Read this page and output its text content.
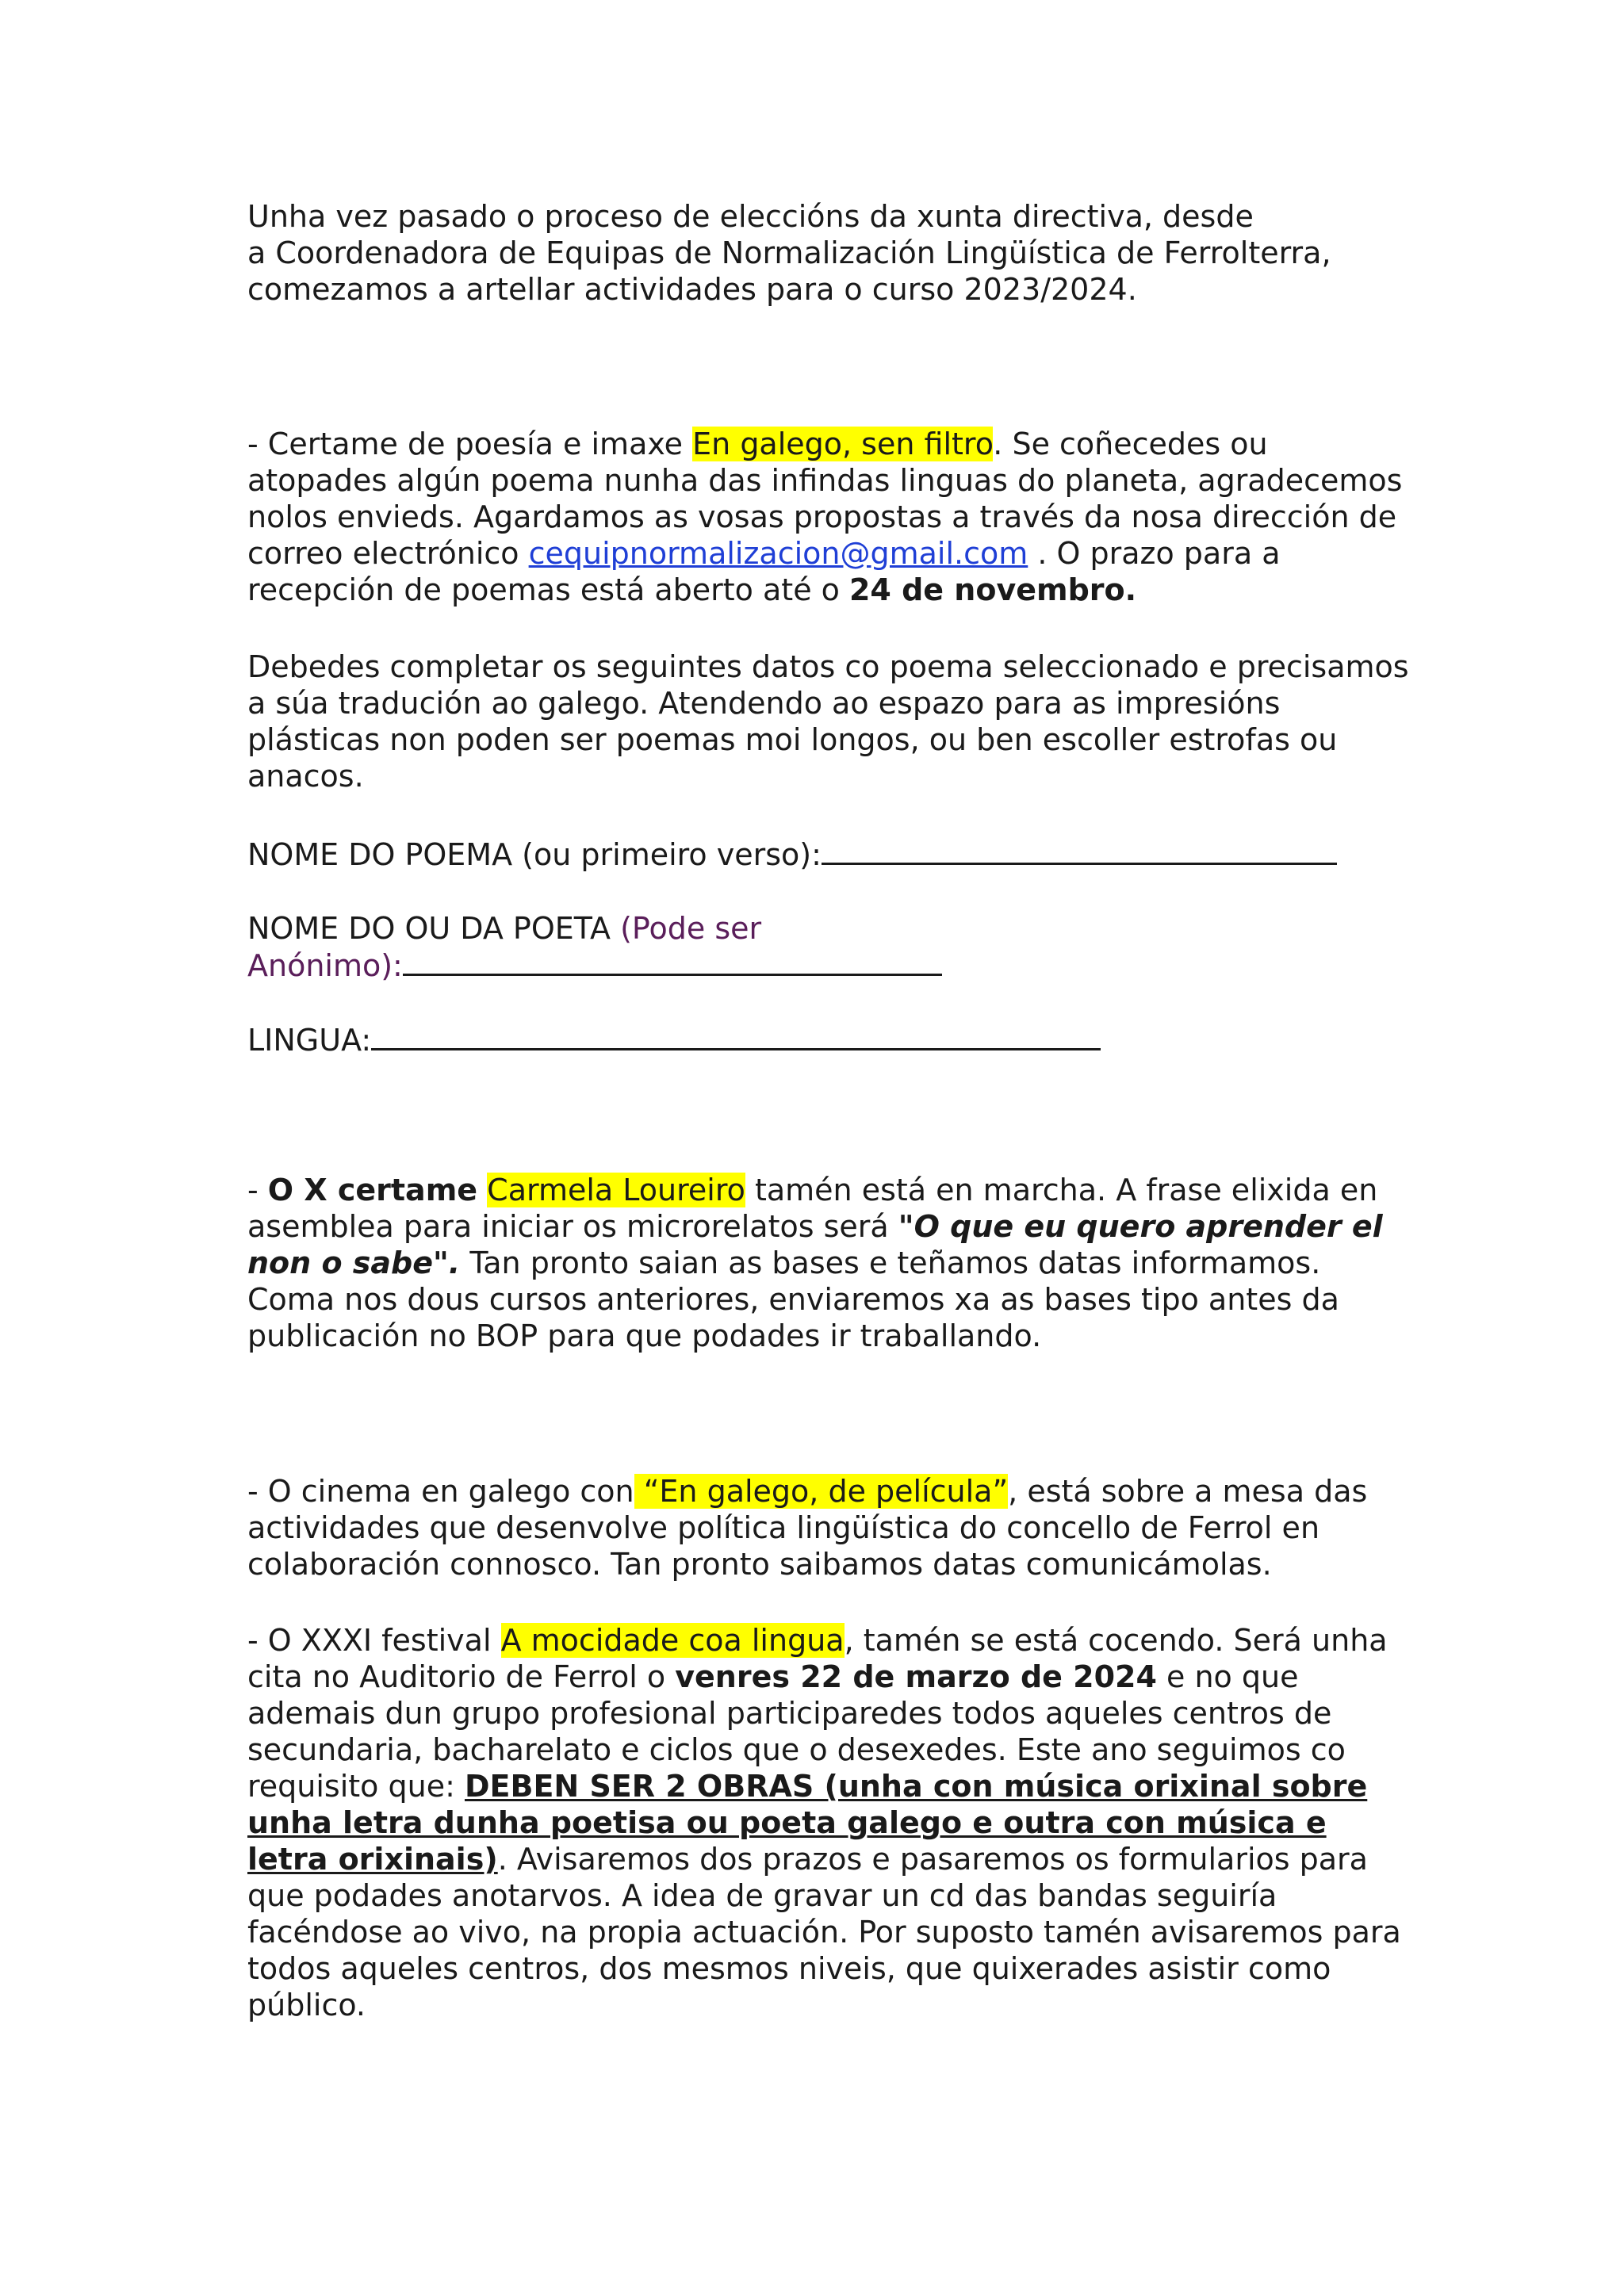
Unha vez pasado o proceso de eleccións da xunta directiva, desde
a Coordenadora de Equipas de Normalización Lingüística de Ferrolterra,
comezamos a artellar actividades para o curso 2023/2024.

- Certame de poesía e imaxe En galego, sen filtro. Se coñecedes ou atopades algún poema nunha das infindas linguas do planeta, agradecemos nolos envieds. Agardamos as vosas propostas a través da nosa dirección de correo electrónico cequipnormalizacion@gmail.com . O prazo para a recepción de poemas está aberto até o 24 de novembro.

Debedes completar os seguintes datos co poema seleccionado e precisamos a súa tradución ao galego. Atendendo ao espazo para as impresións plásticas non poden ser poemas moi longos, ou ben escoller estrofas ou anacos.

NOME DO POEMA (ou primeiro verso):
NOME DO OU DA POETA (Pode ser
Anónimo):
LINGUA:

- O X certame Carmela Loureiro tamén está en marcha. A frase elixida en asemblea para iniciar os microrelatos será "O que eu quero aprender el non o sabe". Tan pronto saian as bases e teñamos datas informamos. Coma nos dous cursos anteriores, enviaremos xa as bases tipo antes da publicación no BOP para que podades ir traballando.

- O cinema en galego con “En galego, de película”, está sobre a mesa das actividades que desenvolve política lingüística do concello de Ferrol en colaboración connosco. Tan pronto saibamos datas comunicámolas.

- O XXXI festival A mocidade coa lingua, tamén se está cocendo. Será unha cita no Auditorio de Ferrol o venres 22 de marzo de 2024 e no que ademais dun grupo profesional participaredes todos aqueles centros de secundaria, bacharelato e ciclos que o desexedes. Este ano seguimos co requisito que: DEBEN SER 2 OBRAS (unha con música orixinal sobre unha letra dunha poetisa ou poeta galego e outra con música e letra orixinais). Avisaremos dos prazos e pasaremos os formularios para que podades anotarvos. A idea de gravar un cd das bandas seguiría facéndose ao vivo, na propia actuación. Por suposto tamén avisaremos para todos aqueles centros, dos mesmos niveis, que quixerades asistir como público.
